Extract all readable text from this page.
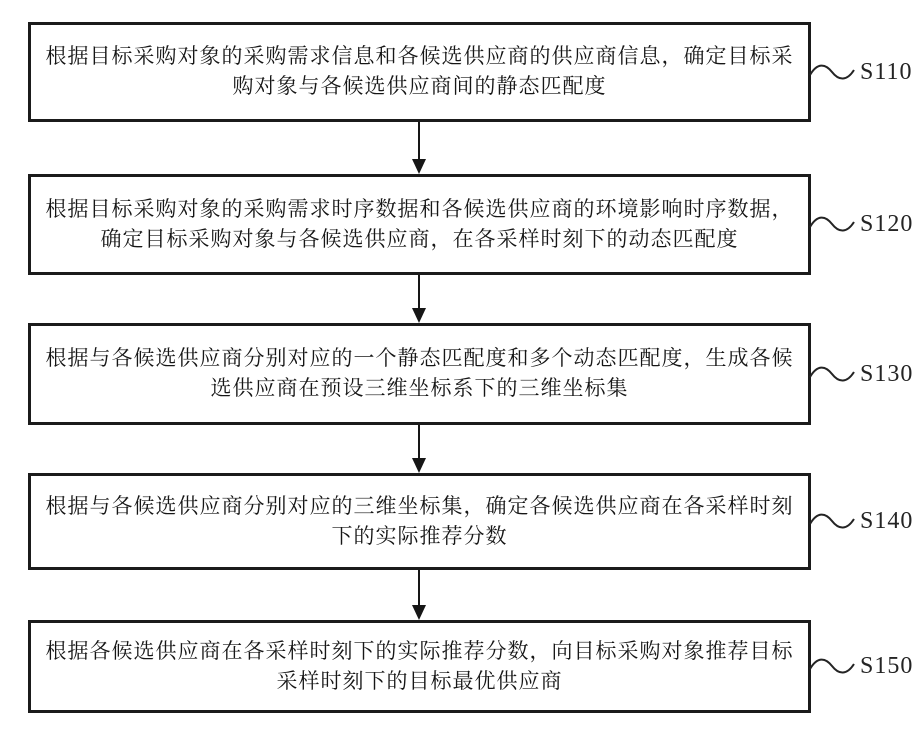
根据目标采购对象的采购需求信息和各候选供应商的供应商信息，确定目标采
购对象与各候选供应商间的静态匹配度
S110
根据目标采购对象的采购需求时序数据和各候选供应商的环境影响时序数据，
确定目标采购对象与各候选供应商，在各采样时刻下的动态匹配度
S120
根据与各候选供应商分别对应的一个静态匹配度和多个动态匹配度，生成各候
选供应商在预设三维坐标系下的三维坐标集
S130
根据与各候选供应商分别对应的三维坐标集，确定各候选供应商在各采样时刻
下的实际推荐分数
S140
根据各候选供应商在各采样时刻下的实际推荐分数，向目标采购对象推荐目标
采样时刻下的目标最优供应商
S150
